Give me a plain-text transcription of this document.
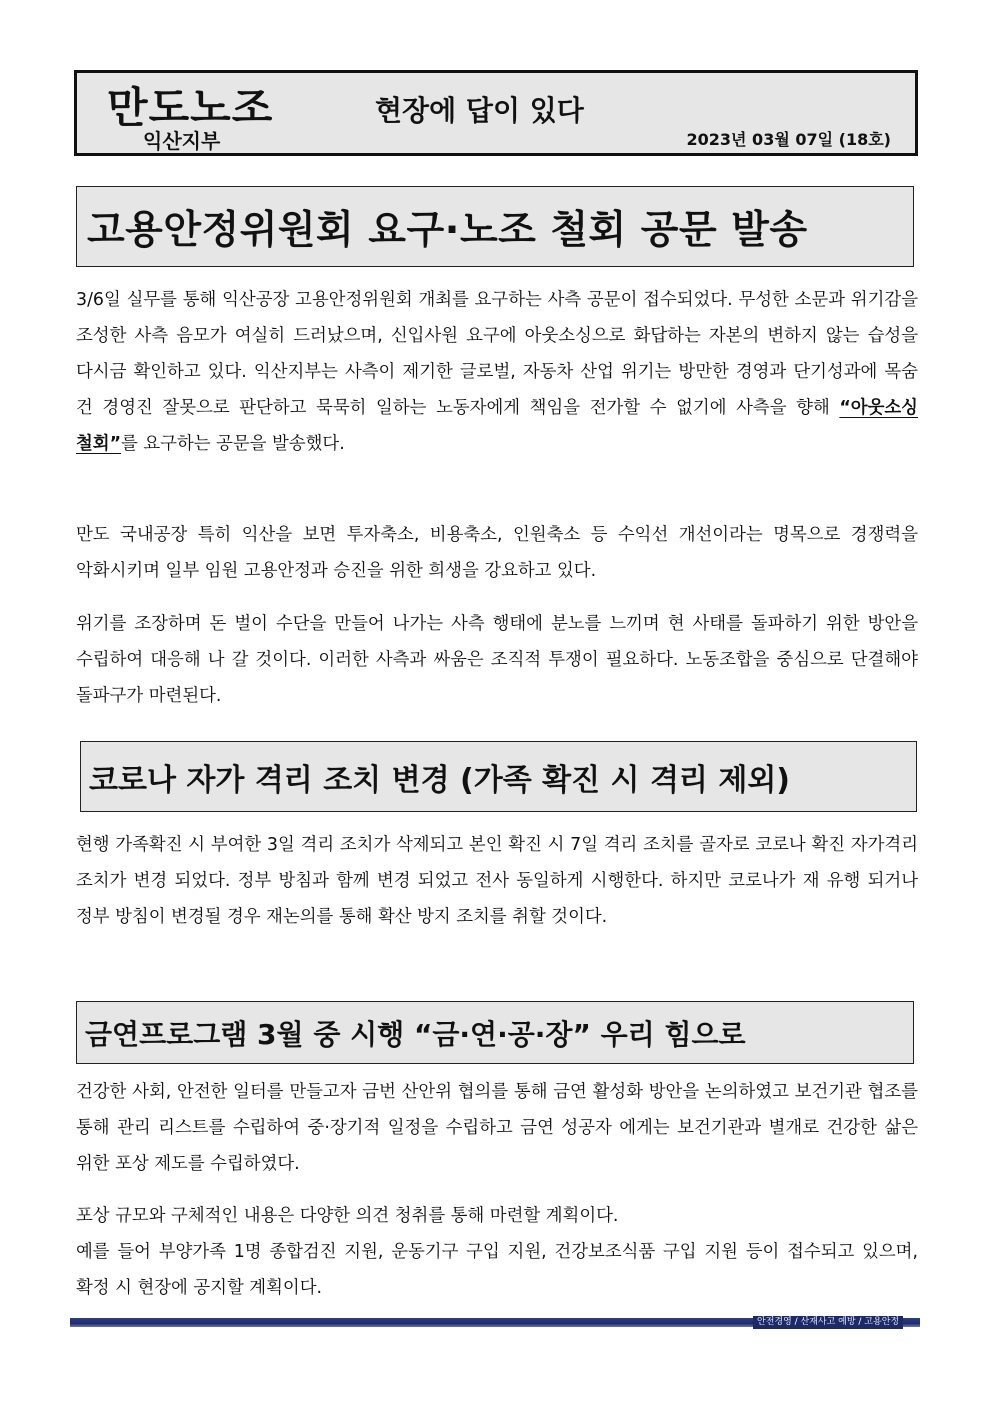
만도노조
익산지부
현장에 답이 있다
2023년 03월 07일 (18호)
고용안정위원회 요구·노조 철회 공문 발송
3/6일 실무를 통해 익산공장 고용안정위원회 개최를 요구하는 사측 공문이 접수되었다. 무성한 소문과 위기감을 조성한 사측 음모가 여실히 드러났으며, 신입사원 요구에 아웃소싱으로 화답하는 자본의 변하지 않는 습성을 다시금 확인하고 있다. 익산지부는 사측이 제기한 글로벌, 자동차 산업 위기는 방만한 경영과 단기성과에 목숨 건 경영진 잘못으로 판단하고 묵묵히 일하는 노동자에게 책임을 전가할 수 없기에 사측을 향해 “아웃소싱 철회”를 요구하는 공문을 발송했다.

만도 국내공장 특히 익산을 보면 투자축소, 비용축소, 인원축소 등 수익선 개선이라는 명목으로 경쟁력을 악화시키며 일부 임원 고용안정과 승진을 위한 희생을 강요하고 있다.

위기를 조장하며 돈 벌이 수단을 만들어 나가는 사측 행태에 분노를 느끼며 현 사태를 돌파하기 위한 방안을 수립하여 대응해 나 갈 것이다. 이러한 사측과 싸움은 조직적 투쟁이 필요하다. 노동조합을 중심으로 단결해야 돌파구가 마련된다.

코로나 자가 격리 조치 변경 (가족 확진 시 격리 제외)

현행 가족확진 시 부여한 3일 격리 조치가 삭제되고 본인 확진 시 7일 격리 조치를 골자로 코로나 확진 자가격리 조치가 변경 되었다. 정부 방침과 함께 변경 되었고 전사 동일하게 시행한다. 하지만 코로나가 재 유행 되거나 정부 방침이 변경될 경우 재논의를 통해 확산 방지 조치를 취할 것이다.

금연프로그램 3월 중 시행 “금·연·공·장” 우리 힘으로

건강한 사회, 안전한 일터를 만들고자 금번 산안위 협의를 통해 금연 활성화 방안을 논의하였고 보건기관 협조를 통해 관리 리스트를 수립하여 중·장기적 일정을 수립하고 금연 성공자 에게는 보건기관과 별개로 건강한 삶은 위한 포상 제도를 수립하였다.

포상 규모와 구체적인 내용은 다양한 의견 청취를 통해 마련할 계획이다.
예를 들어 부양가족 1명 종합검진 지원, 운동기구 구입 지원, 건강보조식품 구입 지원 등이 접수되고 있으며, 확정 시 현장에 공지할 계획이다.
안전경영 / 산재사고 예방 / 고용안정
